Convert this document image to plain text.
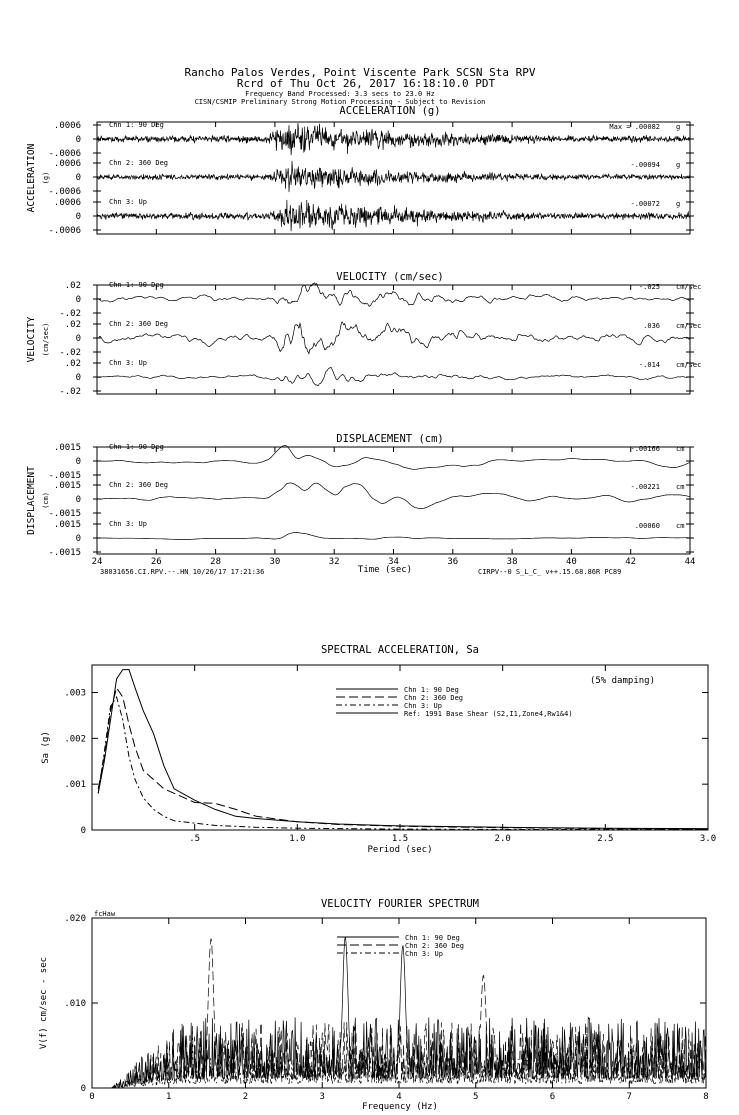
Rancho Palos Verdes, Point Viscente Park SCSN Sta RPV
Rcrd of Thu Oct 26, 2017 16:18:10.0 PDT
Frequency Band Processed: 3.3 secs to 23.0 Hz
CISN/CSMIP Preliminary Strong Motion Processing - Subject to Revision
ACCELERATION (g)
ACCELERATION (g)
.0006
0
-.0006
Chn 1: 90 Deg	Max = .00082 g
.0006
0
-.0006
Chn 2: 360 Deg	-.00094 g
.0006
0
-.0006
Chn 3: Up	-.00072 g
VELOCITY (cm/sec)
VELOCITY (cm/sec)
.02
0
-.02
Chn 1: 90 Deg	-.025 cm/sec
.02
0
-.02
Chn 2: 360 Deg	.036 cm/sec
.02
0
-.02
Chn 3: Up	-.014 cm/sec
DISPLACEMENT (cm)
DISPLACEMENT (cm)
.0015
0
-.0015
Chn 1: 90 Deg	-.00166 cm
.0015
0
-.0015
Chn 2: 360 Deg	-.00221 cm
.0015
0
-.0015
Chn 3: Up	.00060 cm
24	26	28	30	32	34	36	38	40	42	44
Time (sec)
38031656.CI.RPV.--.HN 10/26/17 17:21:36	CIRPV--0 S_L_C_ v++.15.68.86R PC89
SPECTRAL ACCELERATION, Sa
(5% damping)
.003
.002
.001
0
.5	1.0	1.5	2.0	2.5	3.0
Period (sec)
Sa (g)
Chn 1: 90 Deg
Chn 2: 360 Deg
Chn 3: Up
Ref: 1991 Base Shear (S2,I1,Zone4,Rw1&4)
VELOCITY FOURIER SPECTRUM
fcHaw
.020
.010
0
0	1	2	3	4	5	6	7	8
Frequency (Hz)
V(f) cm/sec - sec
Chn 1: 90 Deg
Chn 2: 360 Deg
Chn 3: Up
